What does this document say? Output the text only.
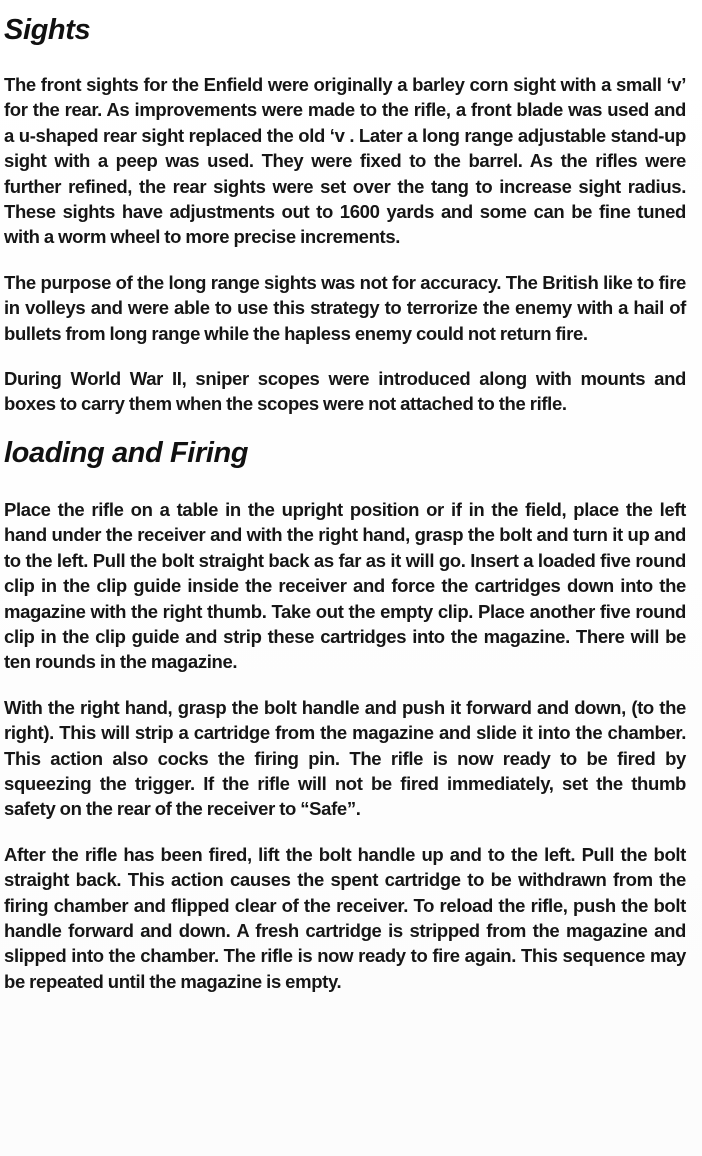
Sights

The front sights for the Enfield were originally a barley corn sight with a small ‘v’ for the rear. As improvements were made to the rifle, a front blade was used and a u-shaped rear sight replaced the old ‘v . Later a long range adjustable stand-up sight with a peep was used. They were fixed to the barrel. As the rifles were further refined, the rear sights were set over the tang to increase sight radius. These sights have adjustments out to 1600 yards and some can be fine tuned with a worm wheel to more precise increments.

The purpose of the long range sights was not for accuracy. The British like to fire in volleys and were able to use this strategy to terrorize the enemy with a hail of bullets from long range while the hapless enemy could not return fire.

During World War II, sniper scopes were introduced along with mounts and boxes to carry them when the scopes were not attached to the rifle.

loading and Firing

Place the rifle on a table in the upright position or if in the field, place the left hand under the receiver and with the right hand, grasp the bolt and turn it up and to the left. Pull the bolt straight back as far as it will go. Insert a loaded five round clip in the clip guide inside the receiver and force the cartridges down into the magazine with the right thumb. Take out the empty clip. Place another five round clip in the clip guide and strip these cartridges into the magazine. There will be ten rounds in the magazine.

With the right hand, grasp the bolt handle and push it forward and down, (to the right). This will strip a cartridge from the magazine and slide it into the chamber. This action also cocks the firing pin. The rifle is now ready to be fired by squeezing the trigger. If the rifle will not be fired immediately, set the thumb safety on the rear of the receiver to “Safe”.

After the rifle has been fired, lift the bolt handle up and to the left. Pull the bolt straight back. This action causes the spent cartridge to be withdrawn from the firing chamber and flipped clear of the receiver. To reload the rifle, push the bolt handle forward and down. A fresh cartridge is stripped from the magazine and slipped into the chamber. The rifle is now ready to fire again. This sequence may be repeated until the magazine is empty.
